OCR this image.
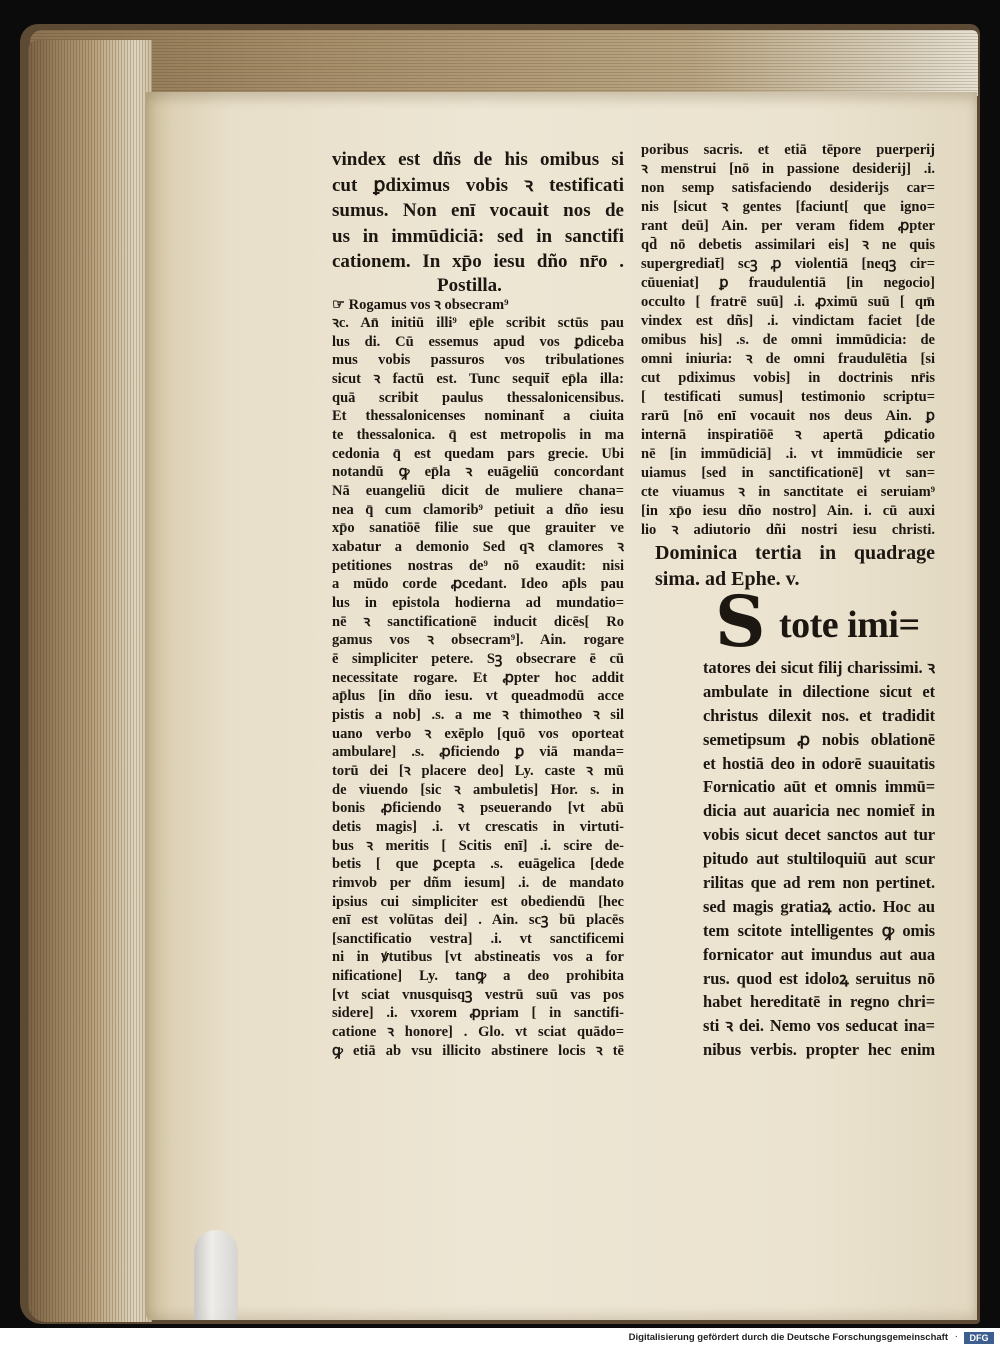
vindex est dñs de his omibus si
cut ꝑdiximus vobis ꝛ testificati
sumus. Non enī vocauit nos de
us in immūdiciā: sed in sanctifi
cationem. In xp̄o iesu dño nr̄o .
Postilla.
☞ Rogamus vos ꝛ obsecram⁹
ꝛc. An̄ initiū illi⁹ ep̄le scribit sctūs pau
lus di. Cū essemus apud vos ꝑdiceba
mus vobis passuros vos tribulationes
sicut ꝛ factū est. Tunc sequit̄ ep̄la illa:
quā scribit paulus thessalonicensibus.
Et thessalonicenses nominant̄ a ciuita
te thessalonica. q̄ est metropolis in ma
cedonia q̄ est quedam pars grecie. Ubi
notandū ꝙ ep̄la ꝛ euāgeliū concordant
Nā euangeliū dicit de muliere chana=
nea q̄ cum clamorib⁹ petiuit a dño iesu
xp̄o sanatiōē filie sue que grauiter ve
xabatur a demonio Sed qꝛ clamores ꝛ
petitiones nostras de⁹ nō exaudit: nisi
a mūdo corde ꝓcedant. Ideo ap̄ls pau
lus in epistola hodierna ad mundatio=
nē ꝛ sanctificationē inducit dicēs[ Ro
gamus vos ꝛ obsecram⁹]. Ain. rogare
ē simpliciter petere. Sꝫ obsecrare ē cū
necessitate rogare. Et ꝓpter hoc addit
ap̄lus [in dño iesu. vt queadmodū acce
pistis a nob] .s. a me ꝛ thimotheo ꝛ sil
uano verbo ꝛ exēplo [quō vos oporteat
ambulare] .s. ꝓficiendo ꝑ viā manda=
torū dei [ꝛ placere deo] Ly. caste ꝛ mū
de viuendo [sic ꝛ ambuletis] Hor. s. in
bonis ꝓficiendo ꝛ pseuerando [vt abū
detis magis] .i. vt crescatis in virtuti-
bus ꝛ meritis [ Scitis enī] .i. scire de-
betis [ que ꝑcepta .s. euāgelica [dede
rimvob per dñm iesum] .i. de mandato
ipsius cui simpliciter est obediendū [hec
enī est volūtas dei] . Ain. scꝫ bū placēs
[sanctificatio vestra] .i. vt sanctificemi
ni in ꝟtutibus [vt abstineatis vos a for
nificatione] Ly. tanꝙ a deo prohibita
[vt sciat vnusquisqꝫ vestrū suū vas pos
sidere] .i. vxorem ꝓpriam [ in sanctifi-
catione ꝛ honore] . Glo. vt sciat quādo=
ꝙ etiā ab vsu illicito abstinere locis ꝛ tē
poribus sacris. et etiā tēpore puerperij
ꝛ menstrui [nō in passione desiderij] .i.
non semp satisfaciendo desiderijs car=
nis [sicut ꝛ gentes [faciunt[ que igno=
rant deū] Ain. per veram fidem ꝓpter
qd̄ nō debetis assimilari eis] ꝛ ne quis
supergrediat̄] scꝫ ꝓ violentiā [neqꝫ cir=
cūueniat] ꝑ fraudulentiā [in negocio]
occulto [ fratrē suū] .i. ꝓximū suū [ qm̄
vindex est dñs] .i. vindictam faciet [de
omibus his] .s. de omni immūdicia: de
omni iniuria: ꝛ de omni fraudulētia [si
cut pdiximus vobis] in doctrinis nr̄is
[ testificati sumus] testimonio scriptu=
rarū [nō enī vocauit nos deus Ain. ꝑ
internā inspiratiōē ꝛ apertā ꝑdicatio
nē [in immūdiciā] .i. vt immūdicie ser
uiamus [sed in sanctificationē] vt san=
cte viuamus ꝛ in sanctitate ei seruiam⁹
[in xp̄o iesu dño nostro] Ain. i. cū auxi
lio ꝛ adiutorio dñi nostri iesu christi.
Dominica tertia in quadrage
sima. ad Ephe. v.
S tote imi=
tatores dei sicut filij charissimi. ꝛ
ambulate in dilectione sicut et
christus dilexit nos. et tradidit
semetipsum ꝓ nobis oblationē
et hostiā deo in odorē suauitatis
Fornicatio aūt et omnis immū=
dicia aut auaricia nec nomiet̄ in
vobis sicut decet sanctos aut tur
pitudo aut stultiloquiū aut scur
rilitas que ad rem non pertinet.
sed magis gratiaꝝ actio. Hoc au
tem scitote intelligentes ꝙ omis
fornicator aut imundus aut aua
rus. quod est idoloꝝ seruitus nō
habet hereditatē in regno chri=
sti ꝛ dei. Nemo vos seducat ina=
nibus verbis. propter hec enim
Digitalisierung gefördert durch die Deutsche Forschungsgemeinschaft ·	DFG
